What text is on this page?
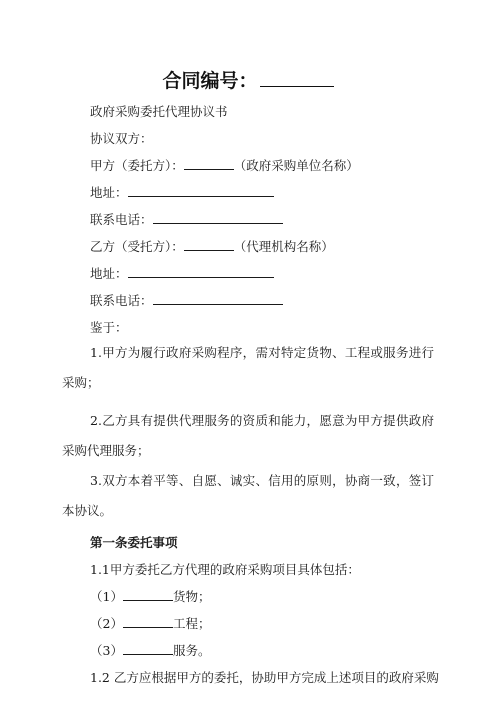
合同编号：
政府采购委托代理协议书
协议双方：
甲方（委托方）：	（政府采购单位名称）
地址：
联系电话：
乙方（受托方）：	（代理机构名称）
地址：
联系电话：
鉴于：
1.甲方为履行政府采购程序，需对特定货物、工程或服务进行采购；
2.乙方具有提供代理服务的资质和能力，愿意为甲方提供政府采购代理服务；
3.双方本着平等、自愿、诚实、信用的原则，协商一致，签订本协议。
第一条委托事项
1.1甲方委托乙方代理的政府采购项目具体包括：
（1）	货物；
（2）	工程；
（3）	服务。
1.2 乙方应根据甲方的委托，协助甲方完成上述项目的政府采购
